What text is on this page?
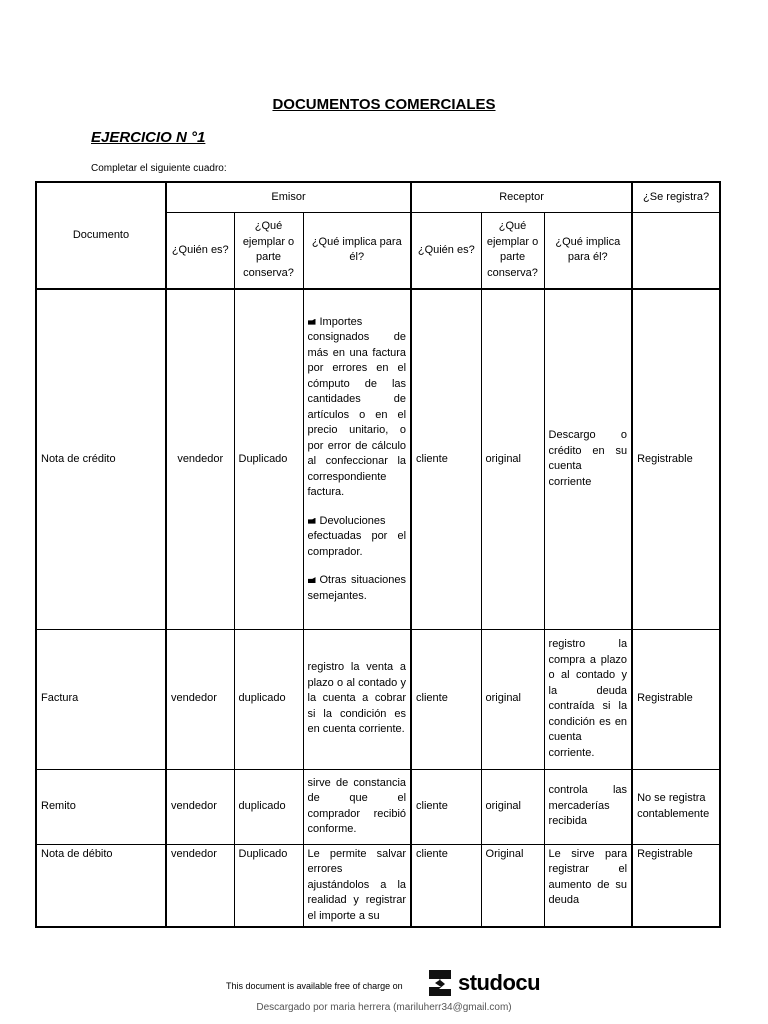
DOCUMENTOS COMERCIALES
EJERCICIO N °1
Completar el siguiente cuadro:
Documento	Emisor			Receptor			¿Se registra?
	¿Quién es?	¿Qué ejemplar o parte conserva?	¿Qué implica para él?	¿Quién es?	¿Qué ejemplar o parte conserva?	¿Qué implica para él?	
Nota de crédito	vendedor	Duplicado	Importes consignados de más en una factura por errores en el cómputo de las cantidades de artículos o en el precio unitario, o por error de cálculo al confeccionar la correspondiente factura.
Devoluciones efectuadas por el comprador.
Otras situaciones semejantes.	cliente	original	Descargo o crédito en su cuenta corriente	Registrable
Factura	vendedor	duplicado	registro la venta a plazo o al contado y la cuenta a cobrar si la condición es en cuenta corriente.	cliente	original	registro la compra a plazo o al contado y la deuda contraída si la condición es en cuenta corriente.	Registrable
Remito	vendedor	duplicado	sirve de constancia de que el comprador recibió conforme.	cliente	original	controla las mercaderías recibida	No se registra contablemente
Nota de débito	vendedor	Duplicado	Le permite salvar errores ajustándolos a la realidad y registrar el importe a su	cliente	Original	Le sirve para registrar el aumento de su deuda	Registrable
This document is available free of charge on	studocu
Descargado por maria herrera (mariluherr34@gmail.com)
